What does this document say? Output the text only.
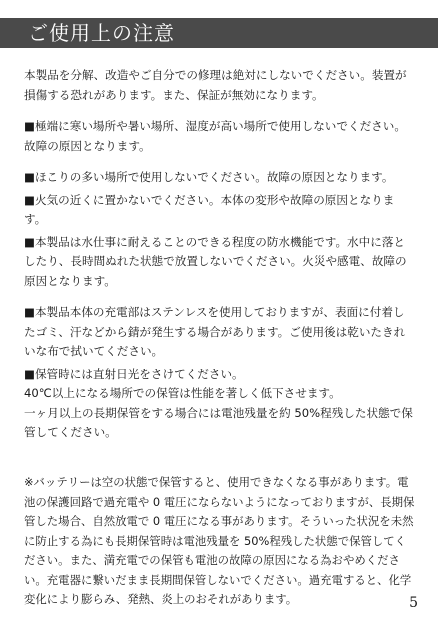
ご使用上の注意

本製品を分解、改造やご自分での修理は絶対にしないでください。装置が損傷する恐れがあります。また、保証が無効になります。

■極端に寒い場所や暑い場所、湿度が高い場所で使用しないでください。故障の原因となります。

■ほこりの多い場所で使用しないでください。故障の原因となります。

■火気の近くに置かないでください。本体の変形や故障の原因となります。

■本製品は水仕事に耐えることのできる程度の防水機能です。水中に落としたり、長時間ぬれた状態で放置しないでください。火災や感電、故障の原因となります。

■本製品本体の充電部はステンレスを使用しておりますが、表面に付着したゴミ、汗などから錆が発生する場合があります。ご使用後は乾いたきれいな布で拭いてください。

■保管時には直射日光をさけてください。

40℃以上になる場所での保管は性能を著しく低下させます。

一ヶ月以上の長期保管をする場合には電池残量を約 50%程残した状態で保管してください。

※バッテリーは空の状態で保管すると、使用できなくなる事があります。電池の保護回路で過充電や 0 電圧にならないようになっておりますが、長期保管した場合、自然放電で 0 電圧になる事があります。そういった状況を未然に防止する為にも長期保管時は電池残量を 50%程残した状態で保管してください。また、満充電での保管も電池の故障の原因になる為おやめください。充電器に繋いだまま長期間保管しないでください。過充電すると、化学変化により膨らみ、発熱、炎上のおそれがあります。	5
